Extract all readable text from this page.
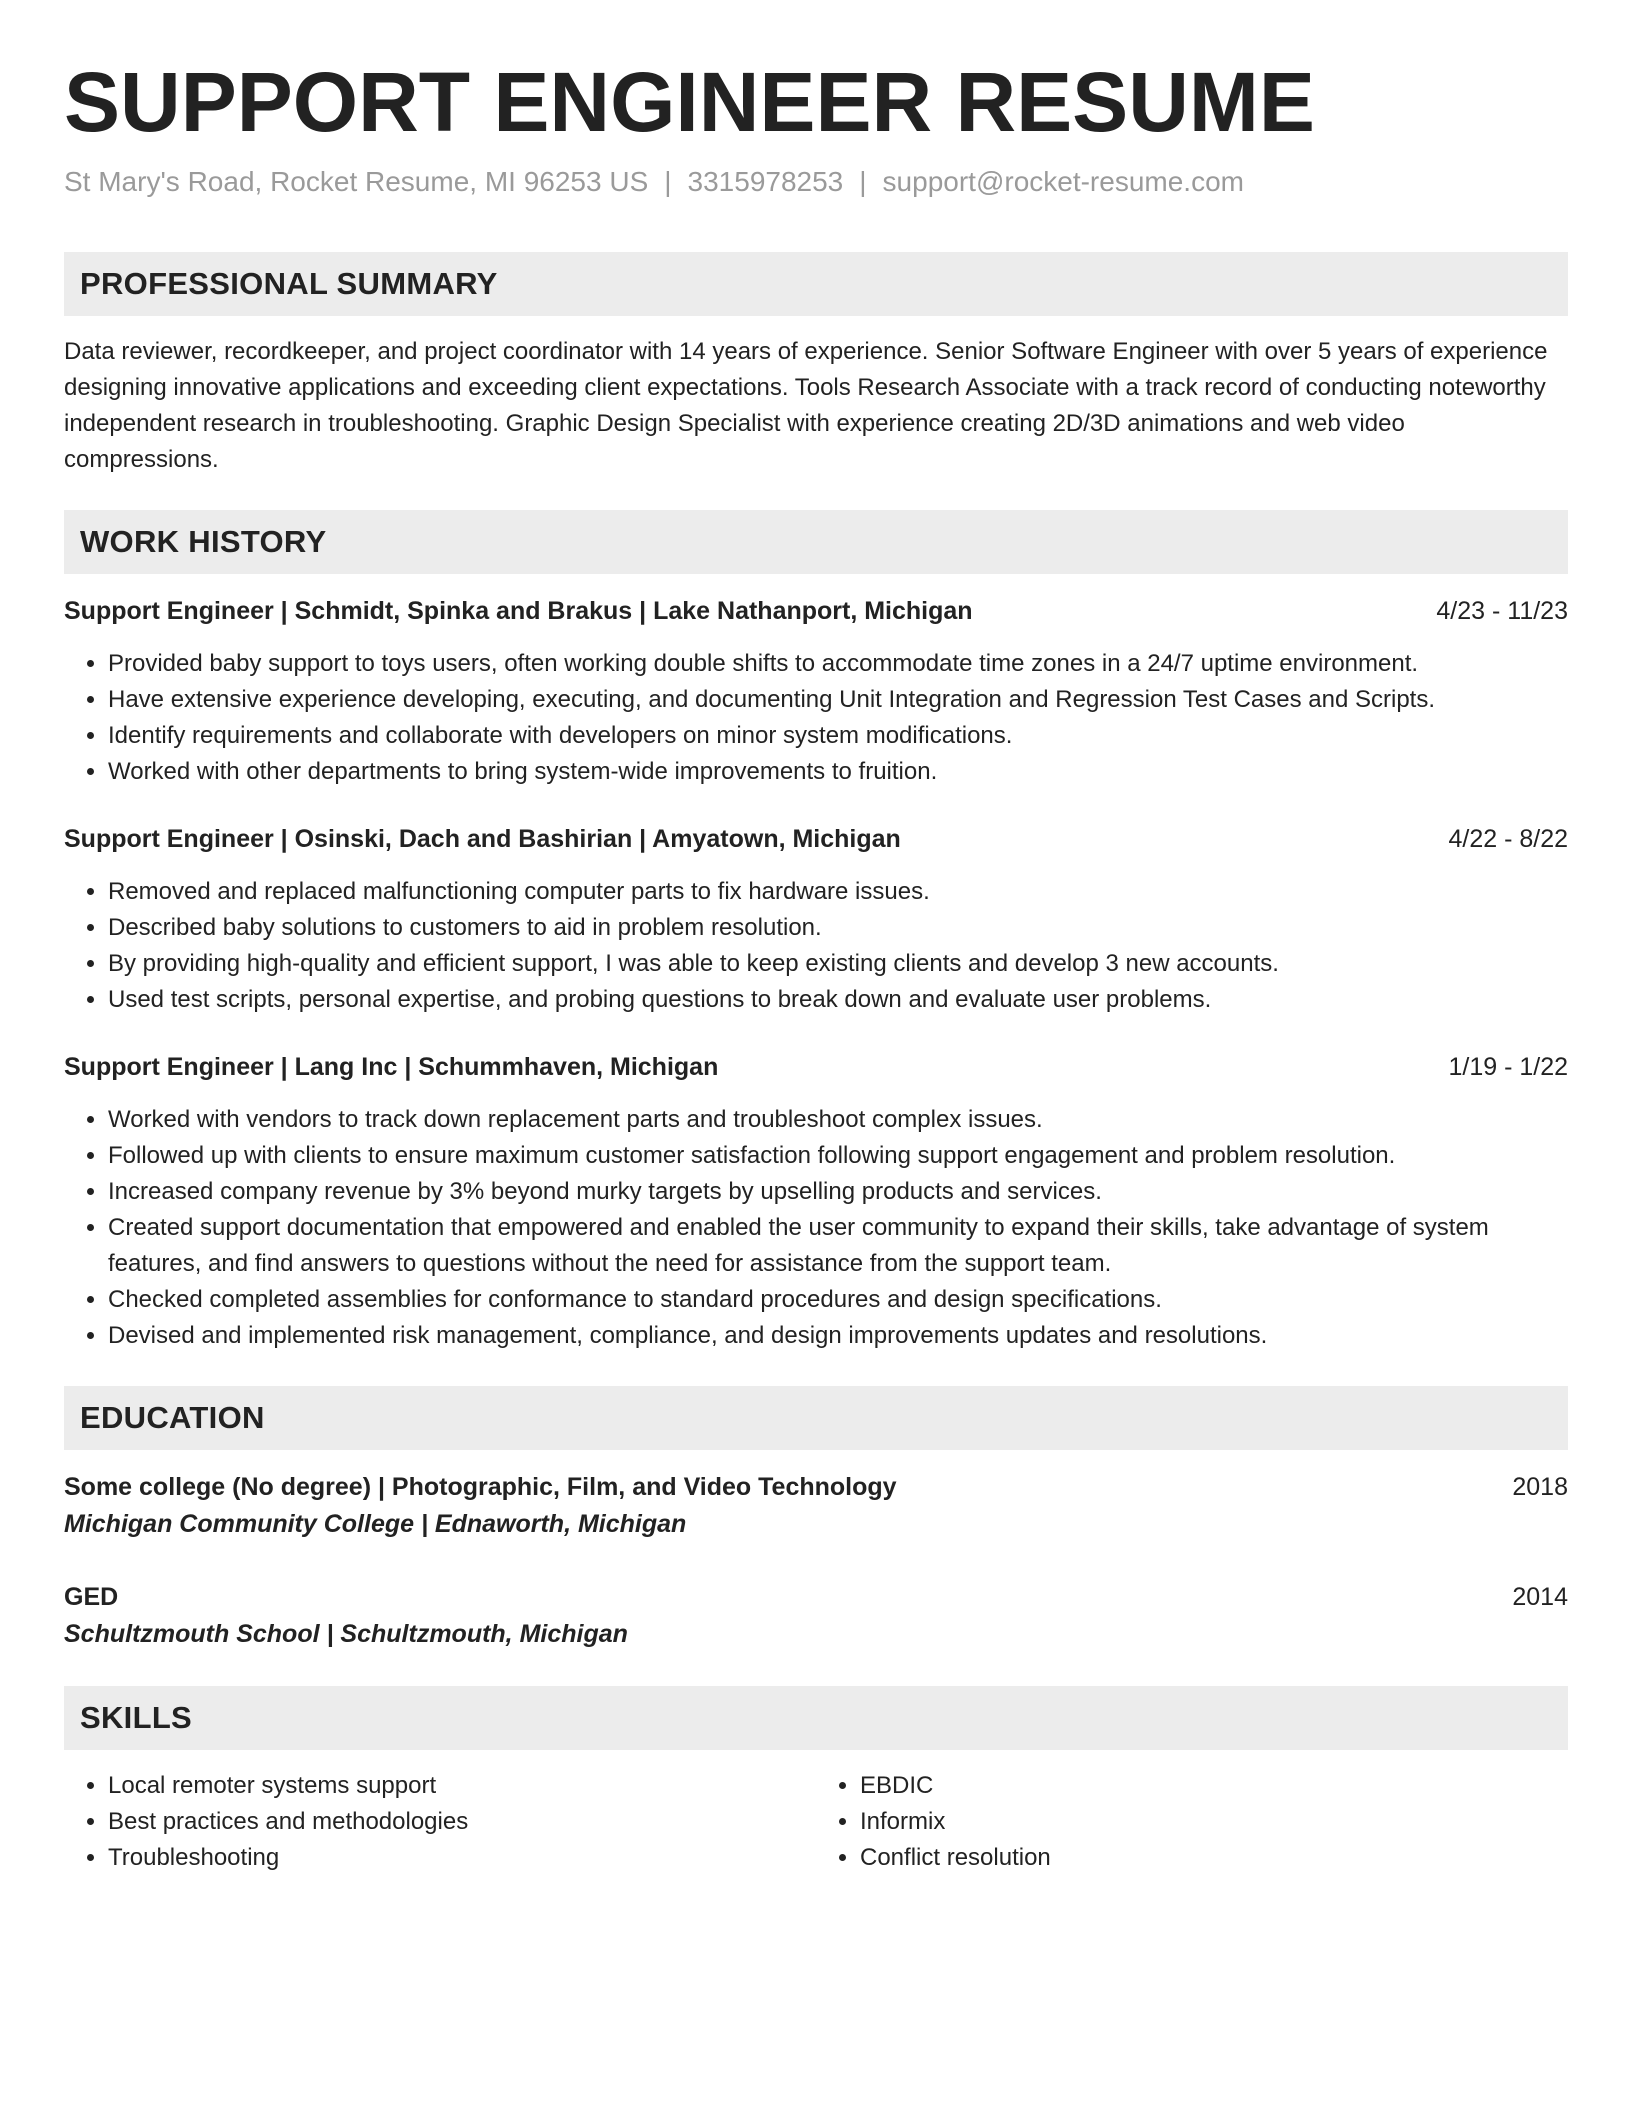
SUPPORT ENGINEER RESUME
St Mary's Road, Rocket Resume, MI 96253 US | 3315978253 | support@rocket-resume.com
PROFESSIONAL SUMMARY
Data reviewer, recordkeeper, and project coordinator with 14 years of experience. Senior Software Engineer with over 5 years of experience designing innovative applications and exceeding client expectations. Tools Research Associate with a track record of conducting noteworthy independent research in troubleshooting. Graphic Design Specialist with experience creating 2D/3D animations and web video compressions.
WORK HISTORY
Support Engineer | Schmidt, Spinka and Brakus | Lake Nathanport, Michigan	4/23 - 11/23
• Provided baby support to toys users, often working double shifts to accommodate time zones in a 24/7 uptime environment.
• Have extensive experience developing, executing, and documenting Unit Integration and Regression Test Cases and Scripts.
• Identify requirements and collaborate with developers on minor system modifications.
• Worked with other departments to bring system-wide improvements to fruition.
Support Engineer | Osinski, Dach and Bashirian | Amyatown, Michigan	4/22 - 8/22
• Removed and replaced malfunctioning computer parts to fix hardware issues.
• Described baby solutions to customers to aid in problem resolution.
• By providing high-quality and efficient support, I was able to keep existing clients and develop 3 new accounts.
• Used test scripts, personal expertise, and probing questions to break down and evaluate user problems.
Support Engineer | Lang Inc | Schummhaven, Michigan	1/19 - 1/22
• Worked with vendors to track down replacement parts and troubleshoot complex issues.
• Followed up with clients to ensure maximum customer satisfaction following support engagement and problem resolution.
• Increased company revenue by 3% beyond murky targets by upselling products and services.
• Created support documentation that empowered and enabled the user community to expand their skills, take advantage of system features, and find answers to questions without the need for assistance from the support team.
• Checked completed assemblies for conformance to standard procedures and design specifications.
• Devised and implemented risk management, compliance, and design improvements updates and resolutions.
EDUCATION
Some college (No degree) | Photographic, Film, and Video Technology	2018
Michigan Community College | Ednaworth, Michigan
GED	2014
Schultzmouth School | Schultzmouth, Michigan
SKILLS
• Local remoter systems support
• Best practices and methodologies
• Troubleshooting
• EBDIC
• Informix
• Conflict resolution
